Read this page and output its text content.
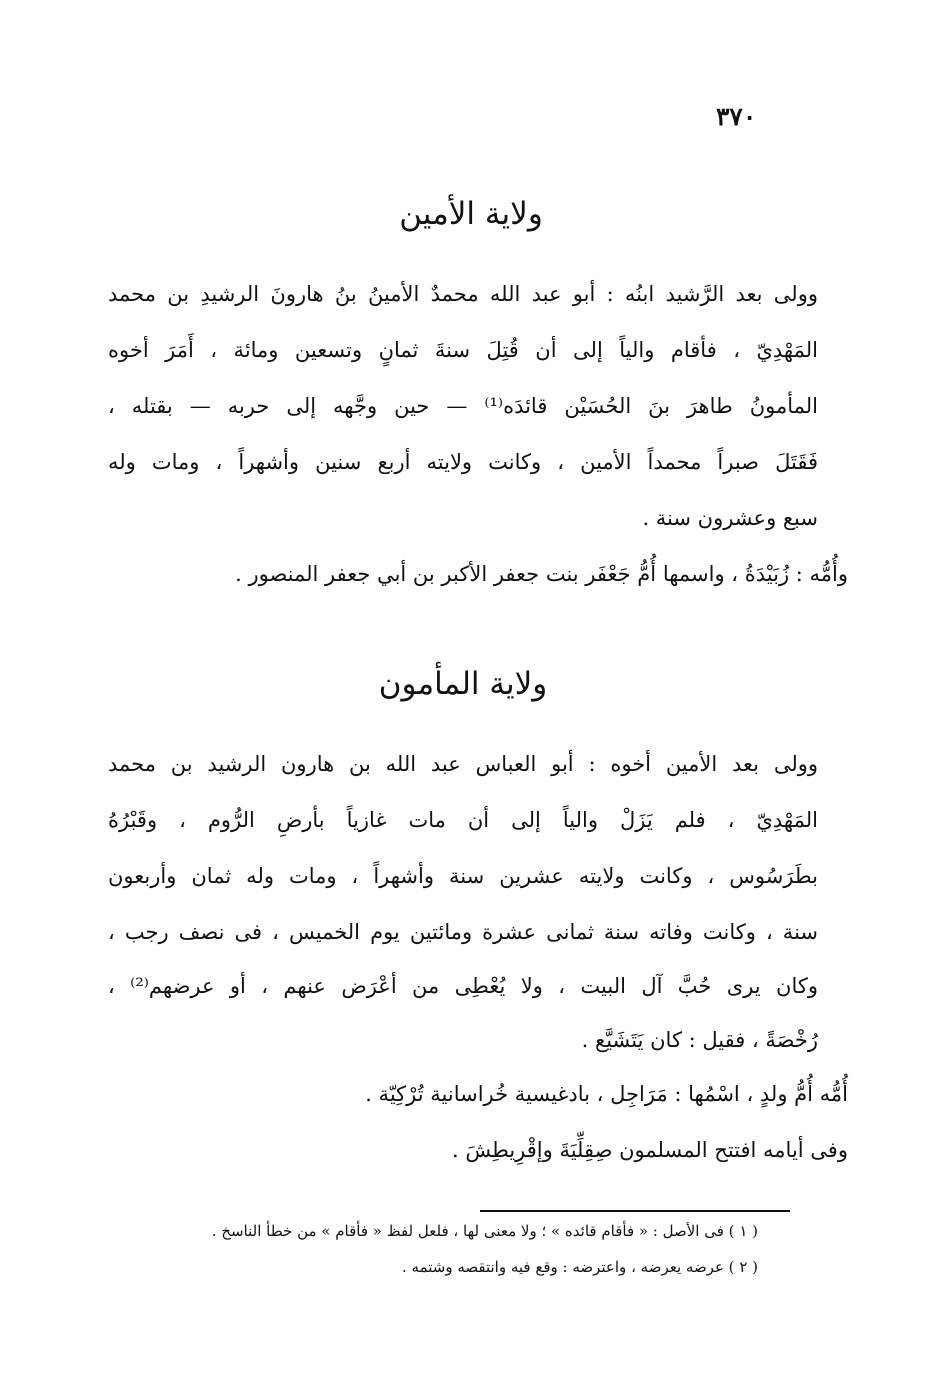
٣٧٠
ولاية الأمين
وولى بعد الرَّشيد ابنُه : أبو عبد الله محمدٌ الأمينُ بنُ هارونَ الرشيدِ بن محمد
المَهْدِيّ ، فأقام والياً إلى أن قُتِلَ سنةَ ثمانٍ وتسعين ومائة ، أَمَرَ أخوه
المأمونُ طاهرَ بنَ الحُسَيْن قائدَه⁽¹⁾ — حين وجَّهه إلى حربه — بقتله ،
فَقَتَلَ صبراً محمداً الأمين ، وكانت ولايته أربع سنين وأشهراً ، ومات وله
سبع وعشرون سنة .
وأُمُّه : زُبَيْدَةُ ، واسمها أُمُّ جَعْفَر بنت جعفر الأكبر بن أبي جعفر المنصور .
ولاية المأمون
وولى بعد الأمين أخوه : أبو العباس عبد الله بن هارون الرشيد بن محمد
المَهْدِيّ ، فلم يَزَلْ والياً إلى أن مات غازياً بأرضِ الرُّوم ، وقَبْرُهُ
بطَرَسُوس ، وكانت ولايته عشرين سنة وأشهراً ، ومات وله ثمان وأربعون
سنة ، وكانت وفاته سنة ثمانى عشرة ومائتين يوم الخميس ، فى نصف رجب ،
وكان يرى حُبَّ آل البيت ، ولا يُعْطِى من أعْرَض عنهم ، أو عرضهم⁽²⁾ ،
رُخْصَةً ، فقيل : كان يَتَشَيَّع .
أُمُّه أُمُّ ولدٍ ، اسْمُها : مَرَاجِل ، بادغيسية خُراسانية تُرْكِيّة .
وفى أيامه افتتح المسلمون صِقِلِّيَةَ وإقْرِيطِشَ .
( ١ ) فى الأصل : « فأقام قائده » ؛ ولا معنى لها ، فلعل لفظ « فأقام » من خطأ الناسخ .
( ٢ ) عرضه يعرضه ، واعترضه : وقع فيه وانتقصه وشتمه .
